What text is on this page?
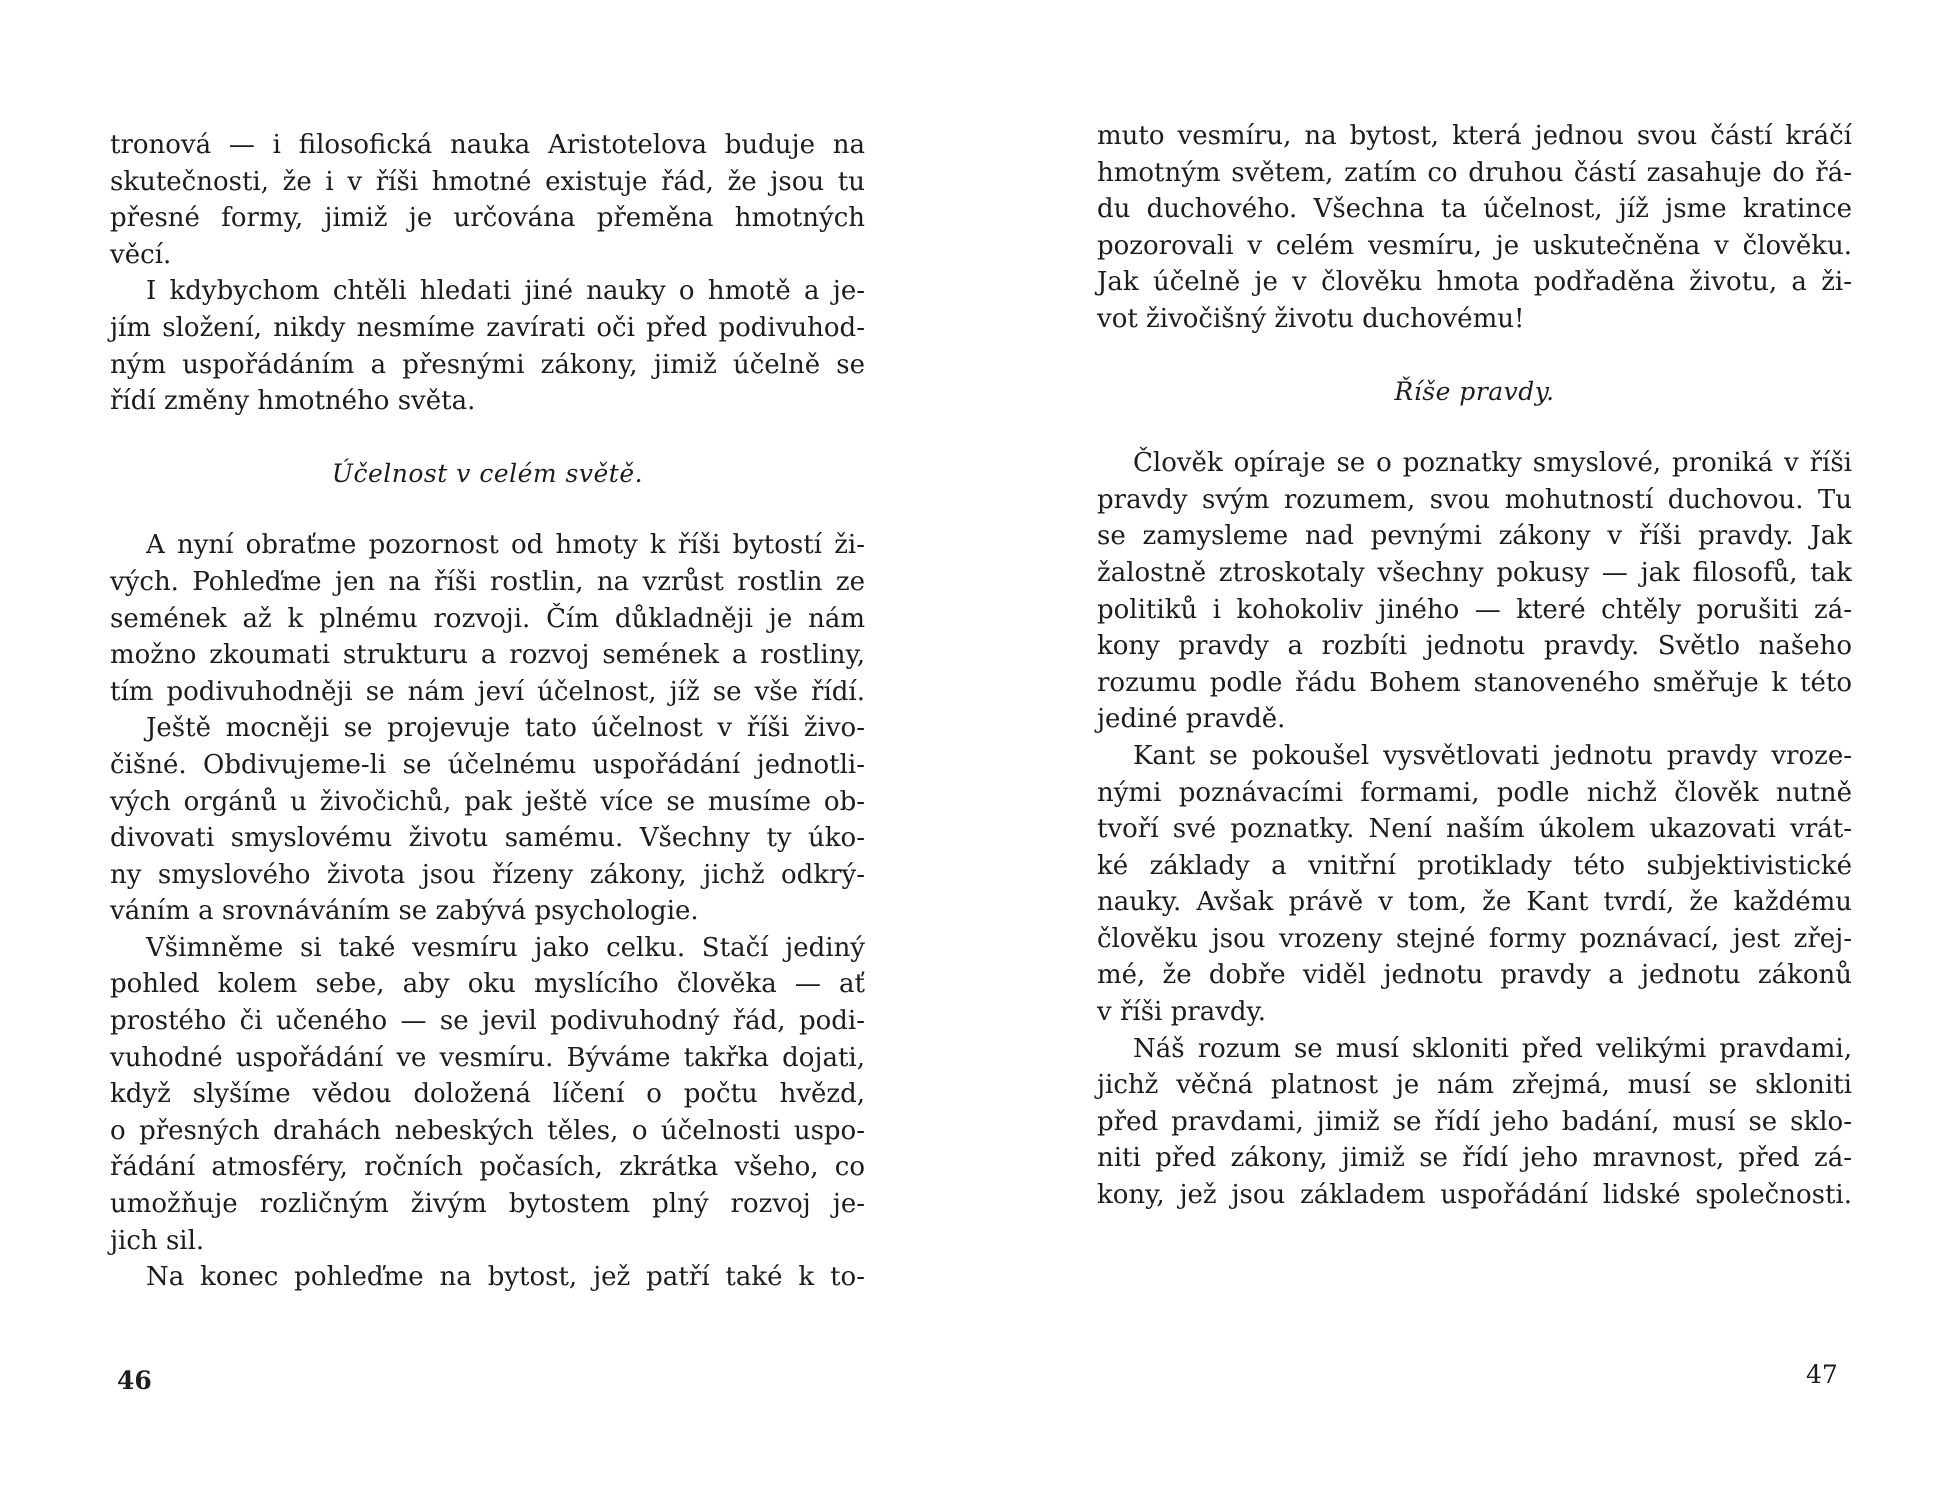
tronová — i filosofická nauka Aristotelova buduje na
skutečnosti, že i v říši hmotné existuje řád, že jsou tu
přesné formy, jimiž je určována přeměna hmotných
věcí.
I kdybychom chtěli hledati jiné nauky o hmotě a je-
jím složení, nikdy nesmíme zavírati oči před podivuhod-
ným uspořádáním a přesnými zákony, jimiž účelně se
řídí změny hmotného světa.
Účelnost v celém světě.
A nyní obraťme pozornost od hmoty k říši bytostí ži-
vých. Pohleďme jen na říši rostlin, na vzrůst rostlin ze
semének až k plnému rozvoji. Čím důkladněji je nám
možno zkoumati strukturu a rozvoj semének a rostliny,
tím podivuhodněji se nám jeví účelnost, jíž se vše řídí.
Ještě mocněji se projevuje tato účelnost v říši živo-
čišné. Obdivujeme-li se účelnému uspořádání jednotli-
vých orgánů u živočichů, pak ještě více se musíme ob-
divovati smyslovému životu samému. Všechny ty úko-
ny smyslového života jsou řízeny zákony, jichž odkrý-
váním a srovnáváním se zabývá psychologie.
Všimněme si také vesmíru jako celku. Stačí jediný
pohled kolem sebe, aby oku myslícího člověka — ať
prostého či učeného — se jevil podivuhodný řád, podi-
vuhodné uspořádání ve vesmíru. Býváme takřka dojati,
když slyšíme vědou doložená líčení o počtu hvězd,
o přesných drahách nebeských těles, o účelnosti uspo-
řádání atmosféry, ročních počasích, zkrátka všeho, co
umožňuje rozličným živým bytostem plný rozvoj je-
jich sil.
Na konec pohleďme na bytost, jež patří také k to-
46
muto vesmíru, na bytost, která jednou svou částí kráčí
hmotným světem, zatím co druhou částí zasahuje do řá-
du duchového. Všechna ta účelnost, jíž jsme kratince
pozorovali v celém vesmíru, je uskutečněna v člověku.
Jak účelně je v člověku hmota podřaděna životu, a ži-
vot živočišný životu duchovému!
Říše pravdy.
Člověk opíraje se o poznatky smyslové, proniká v říši
pravdy svým rozumem, svou mohutností duchovou. Tu
se zamysleme nad pevnými zákony v říši pravdy. Jak
žalostně ztroskotaly všechny pokusy — jak filosofů, tak
politiků i kohokoliv jiného — které chtěly porušiti zá-
kony pravdy a rozbíti jednotu pravdy. Světlo našeho
rozumu podle řádu Bohem stanoveného směřuje k této
jediné pravdě.
Kant se pokoušel vysvětlovati jednotu pravdy vroze-
nými poznávacími formami, podle nichž člověk nutně
tvoří své poznatky. Není naším úkolem ukazovati vrát-
ké základy a vnitřní protiklady této subjektivistické
nauky. Avšak právě v tom, že Kant tvrdí, že každému
člověku jsou vrozeny stejné formy poznávací, jest zřej-
mé, že dobře viděl jednotu pravdy a jednotu zákonů
v říši pravdy.
Náš rozum se musí skloniti před velikými pravdami,
jichž věčná platnost je nám zřejmá, musí se skloniti
před pravdami, jimiž se řídí jeho badání, musí se sklo-
niti před zákony, jimiž se řídí jeho mravnost, před zá-
kony, jež jsou základem uspořádání lidské společnosti.
47
